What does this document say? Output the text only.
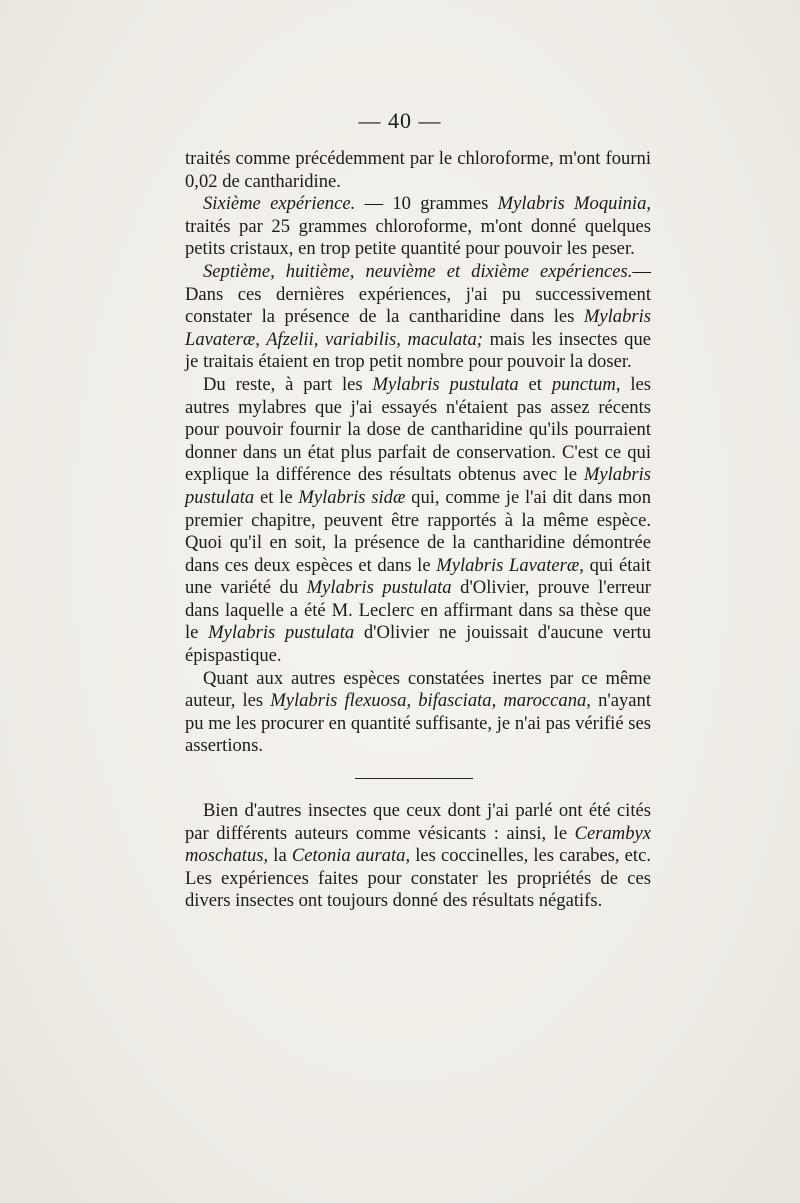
— 40 —

traités comme précédemment par le chloroforme, m'ont fourni 0,02 de cantharidine.

Sixième expérience. — 10 grammes Mylabris Moquinia, traités par 25 grammes chloroforme, m'ont donné quelques petits cristaux, en trop petite quantité pour pouvoir les peser.

Septième, huitième, neuvième et dixième expériences.—Dans ces dernières expériences, j'ai pu successivement constater la présence de la cantharidine dans les Mylabris Lavateræ, Afzelii, variabilis, maculata; mais les insectes que je traitais étaient en trop petit nombre pour pouvoir la doser.

Du reste, à part les Mylabris pustulata et punctum, les autres mylabres que j'ai essayés n'étaient pas assez récents pour pouvoir fournir la dose de cantharidine qu'ils pourraient donner dans un état plus parfait de conservation. C'est ce qui explique la différence des résultats obtenus avec le Mylabris pustulata et le Mylabris sidæ qui, comme je l'ai dit dans mon premier chapitre, peuvent être rapportés à la même espèce. Quoi qu'il en soit, la présence de la cantharidine démontrée dans ces deux espèces et dans le Mylabris Lavateræ, qui était une variété du Mylabris pustulata d'Olivier, prouve l'erreur dans laquelle a été M. Leclerc en affirmant dans sa thèse que le Mylabris pustulata d'Olivier ne jouissait d'aucune vertu épispastique.

Quant aux autres espèces constatées inertes par ce même auteur, les Mylabris flexuosa, bifasciata, maroccana, n'ayant pu me les procurer en quantité suffisante, je n'ai pas vérifié ses assertions.

Bien d'autres insectes que ceux dont j'ai parlé ont été cités par différents auteurs comme vésicants : ainsi, le Cerambyx moschatus, la Cetonia aurata, les coccinelles, les carabes, etc. Les expériences faites pour constater les propriétés de ces divers insectes ont toujours donné des résultats négatifs.
